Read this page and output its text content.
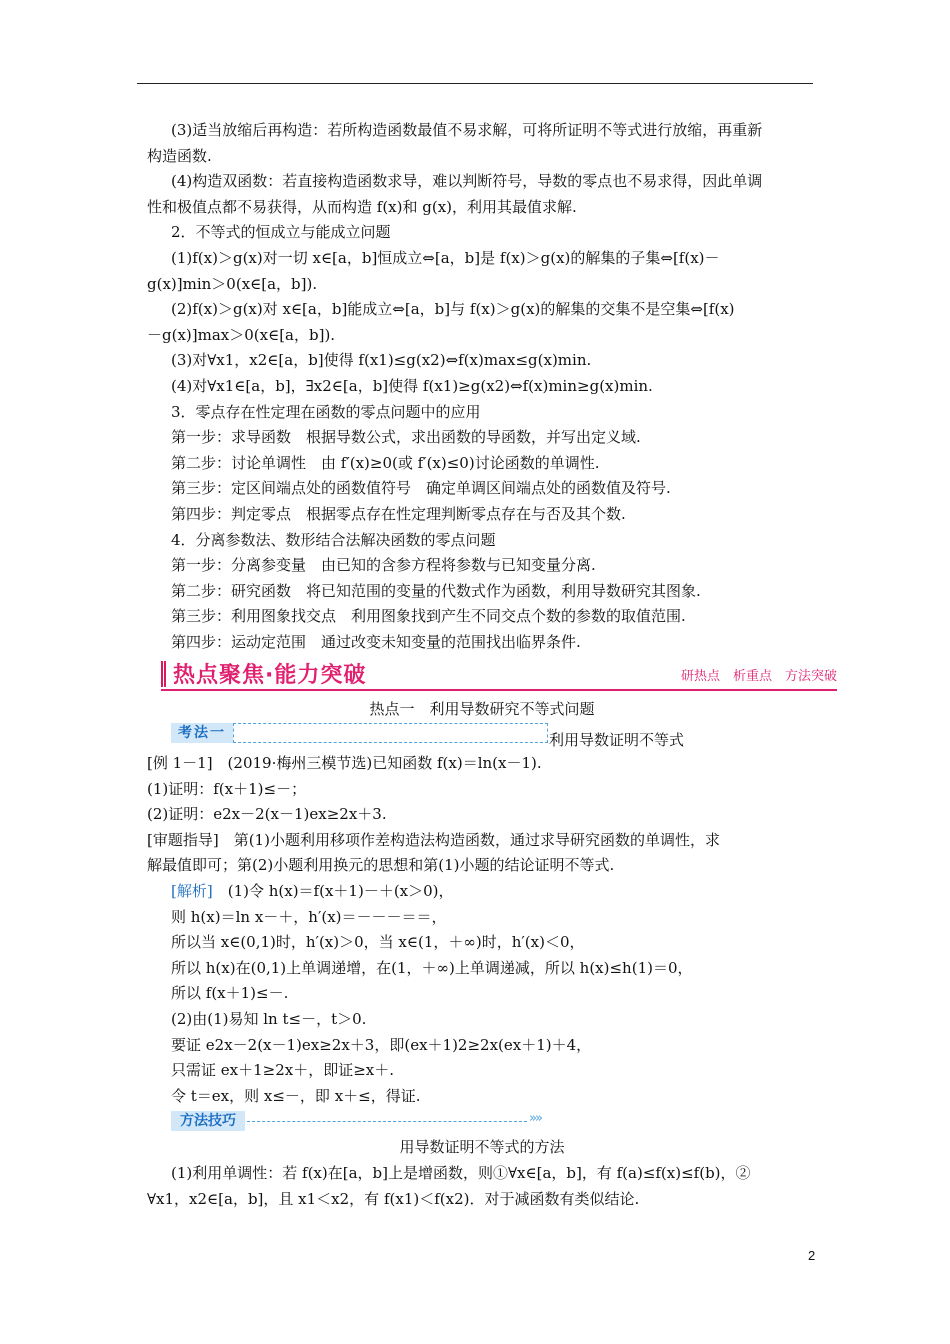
(3)适当放缩后再构造：若所构造函数最值不易求解，可将所证明不等式进行放缩，再重新

构造函数.

(4)构造双函数：若直接构造函数求导，难以判断符号，导数的零点也不易求得，因此单调

性和极值点都不易获得，从而构造 f(x)和 g(x)，利用其最值求解.

2．不等式的恒成立与能成立问题

(1)f(x)＞g(x)对一切 x∈[a，b]恒成立⇔[a，b]是 f(x)＞g(x)的解集的子集⇔[f(x)－

g(x)]min＞0(x∈[a，b]).

(2)f(x)＞g(x)对 x∈[a，b]能成立⇔[a，b]与 f(x)＞g(x)的解集的交集不是空集⇔[f(x)

－g(x)]max＞0(x∈[a，b]).

(3)对∀x1，x2∈[a，b]使得 f(x1)≤g(x2)⇔f(x)max≤g(x)min.

(4)对∀x1∈[a，b]，∃x2∈[a，b]使得 f(x1)≥g(x2)⇔f(x)min≥g(x)min.

3．零点存在性定理在函数的零点问题中的应用

第一步：求导函数　根据导数公式，求出函数的导函数，并写出定义域.

第二步：讨论单调性　由 f′(x)≥0(或 f′(x)≤0)讨论函数的单调性.

第三步：定区间端点处的函数值符号　确定单调区间端点处的函数值及符号.

第四步：判定零点　根据零点存在性定理判断零点存在与否及其个数.

4．分离参数法、数形结合法解决函数的零点问题

第一步：分离参变量　由已知的含参方程将参数与已知变量分离.

第二步：研究函数　将已知范围的变量的代数式作为函数，利用导数研究其图象.

第三步：利用图象找交点　利用图象找到产生不同交点个数的参数的取值范围.

第四步：运动定范围　通过改变未知变量的范围找出临界条件.

热点聚焦·能力突破	研热点　析重点　方法突破

热点一　利用导数研究不等式问题

考法一	利用导数证明不等式

[例 1－1]　(2019·梅州三模节选)已知函数 f(x)＝ln(x－1).

(1)证明：f(x＋1)≤－；

(2)证明：e2x－2(x－1)ex≥2x＋3.

[审题指导]　第(1)小题利用移项作差构造法构造函数，通过求导研究函数的单调性，求

解最值即可；第(2)小题利用换元的思想和第(1)小题的结论证明不等式.

[解析]　(1)令 h(x)＝f(x＋1)－＋(x＞0)，

则 h(x)＝ln x－＋，h′(x)＝－－－＝＝，

所以当 x∈(0,1)时，h′(x)＞0，当 x∈(1，＋∞)时，h′(x)＜0，

所以 h(x)在(0,1)上单调递增，在(1，＋∞)上单调递减，所以 h(x)≤h(1)＝0，

所以 f(x＋1)≤－.

(2)由(1)易知 ln t≤－，t＞0.

要证 e2x－2(x－1)ex≥2x＋3，即(ex＋1)2≥2x(ex＋1)＋4，

只需证 ex＋1≥2x＋，即证≥x＋.

令 t＝ex，则 x≤－，即 x＋≤，得证.

方法技巧	»»

用导数证明不等式的方法

(1)利用单调性：若 f(x)在[a，b]上是增函数，则①∀x∈[a，b]，有 f(a)≤f(x)≤f(b)，②

∀x1，x2∈[a，b]，且 x1＜x2，有 f(x1)＜f(x2)．对于减函数有类似结论.

2
